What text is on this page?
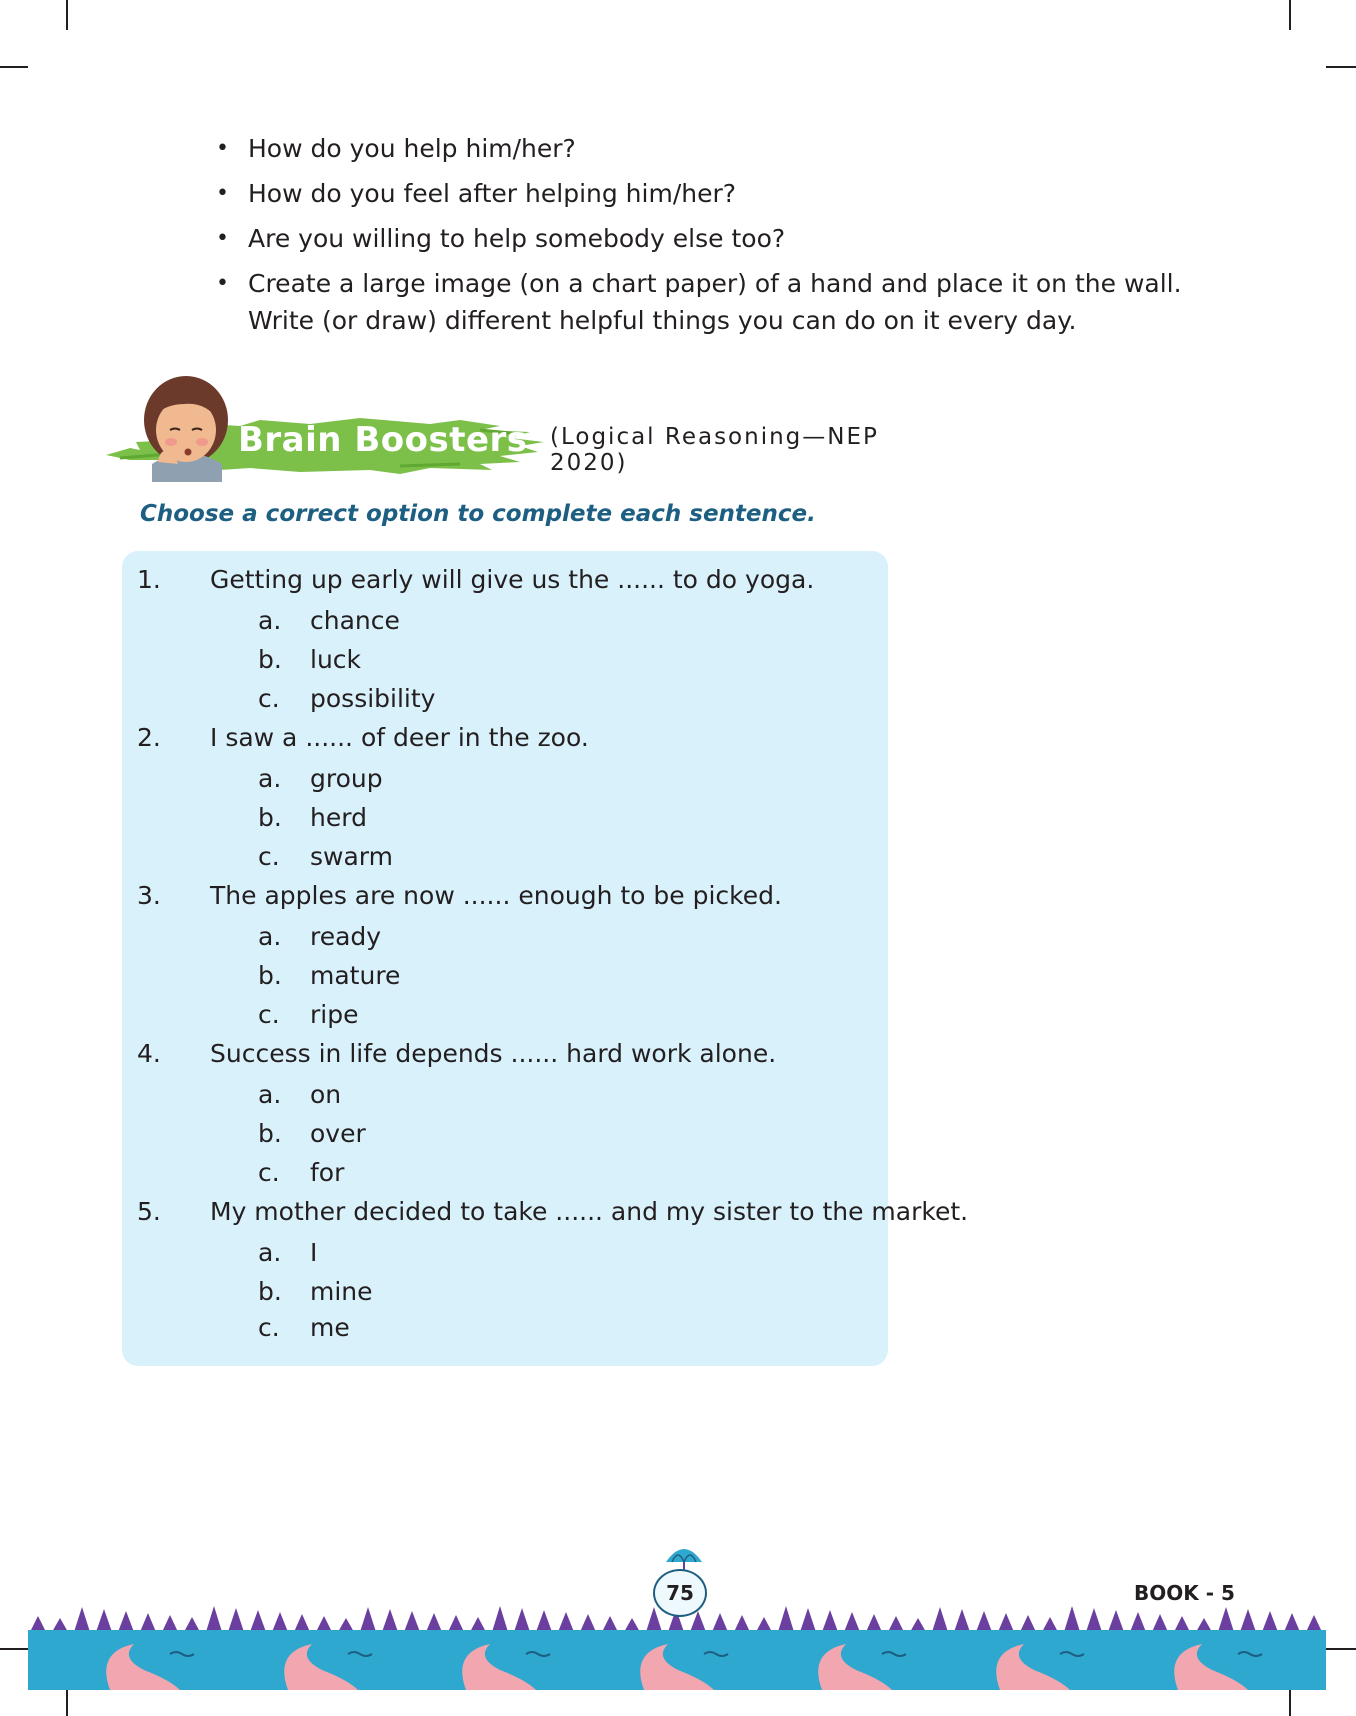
• How do you help him/her?
• How do you feel after helping him/her?
• Are you willing to help somebody else too?
• Create a large image (on a chart paper) of a hand and place it on the wall. Write (or draw) different helpful things you can do on it every day.
Brain Boosters (Logical Reasoning—NEP 2020)
Choose a correct option to complete each sentence.
1. Getting up early will give us the ...... to do yoga.
a. chance
b. luck
c. possibility
2. I saw a ...... of deer in the zoo.
a. group
b. herd
c. swarm
3. The apples are now ...... enough to be picked.
a. ready
b. mature
c. ripe
4. Success in life depends ...... hard work alone.
a. on
b. over
c. for
5. My mother decided to take ...... and my sister to the market.
a. I
b. mine
c. me
75	BOOK - 5
